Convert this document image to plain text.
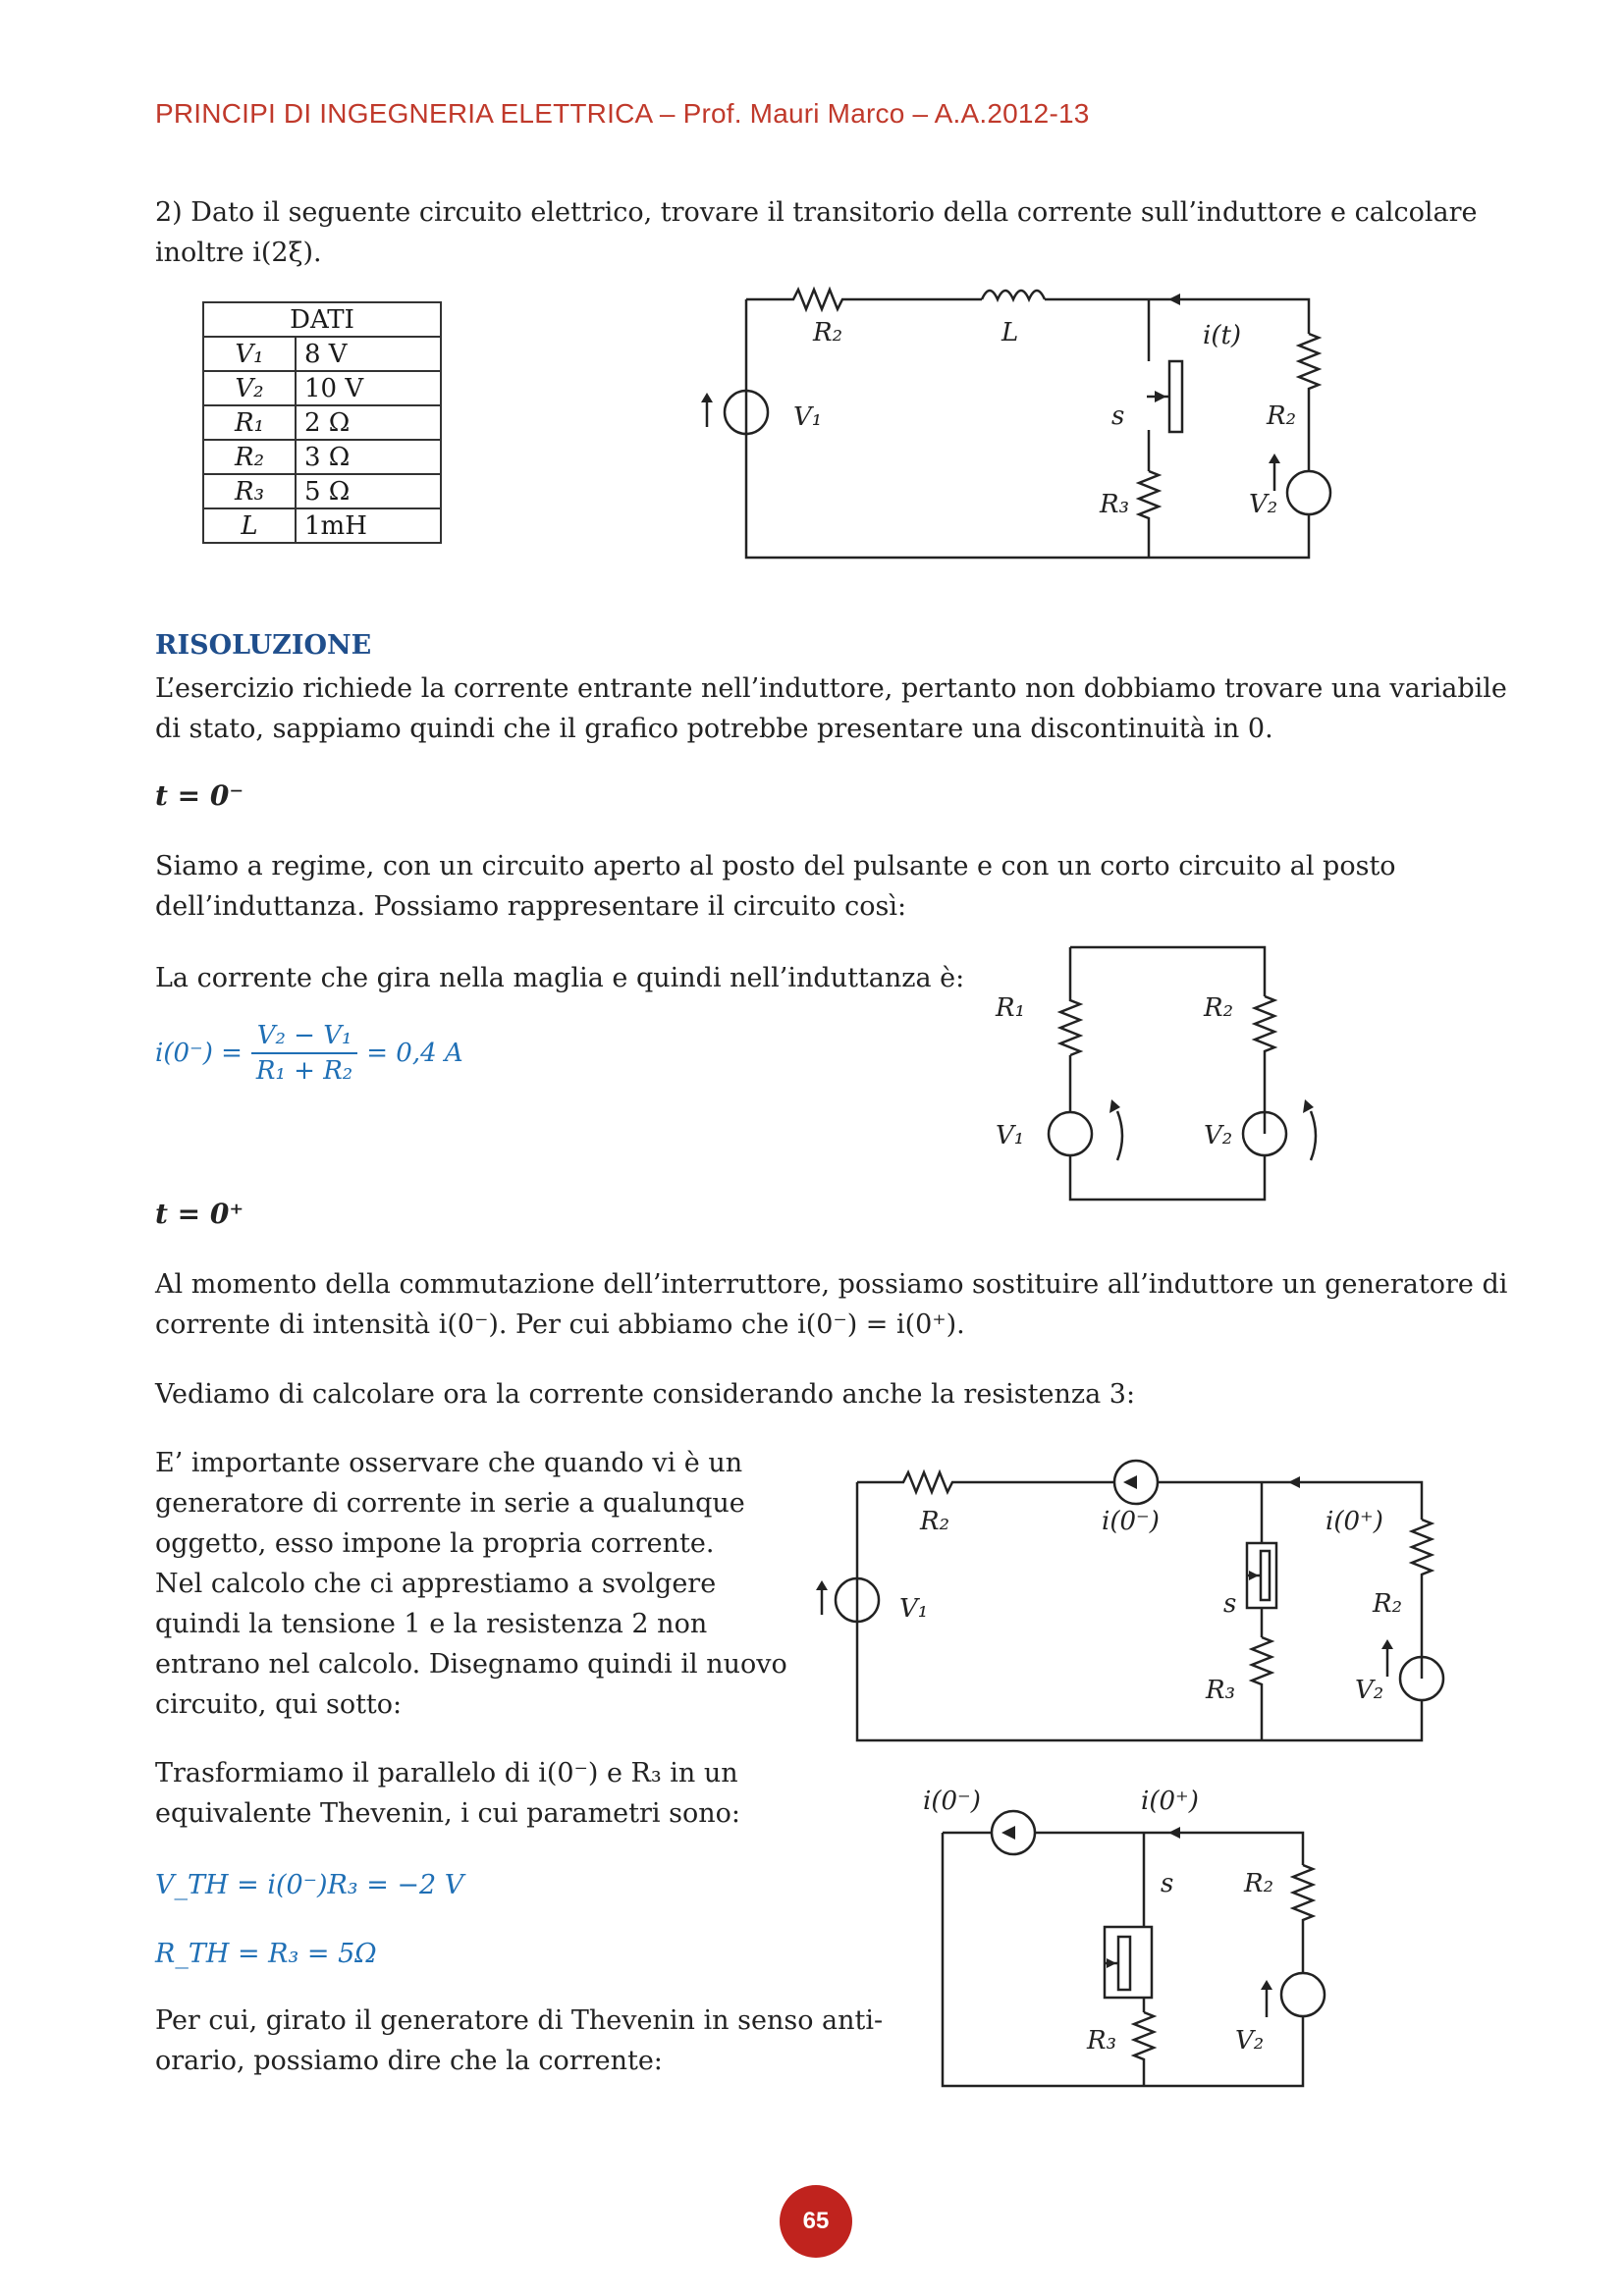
PRINCIPI DI INGEGNERIA ELETTRICA – Prof. Mauri Marco – A.A.2012-13
2) Dato il seguente circuito elettrico, trovare il transitorio della corrente sull’induttore e calcolare
inoltre i(2ξ).
DATI	
V₁	8 V
V₂	10 V
R₁	2 Ω
R₂	3 Ω
R₃	5 Ω
L	1mH
R₂	L	i(t)
s	R₂
V₁
R₃	V₂
RISOLUZIONE
L’esercizio richiede la corrente entrante nell’induttore, pertanto non dobbiamo trovare una variabile
di stato, sappiamo quindi che il grafico potrebbe presentare una discontinuità in 0.
t = 0⁻
Siamo a regime, con un circuito aperto al posto del pulsante e con un corto circuito al posto
dell’induttanza. Possiamo rappresentare il circuito così:
La corrente che gira nella maglia e quindi nell’induttanza è:
$i(0^-) = \frac{\text{V₂ − V₁}}{\text{R₁ + R₂}} = 0,4$ A
R₁	R₂
V₁	V₂
t = 0⁺
Al momento della commutazione dell’interruttore, possiamo sostituire all’induttore un generatore di
corrente di intensità i(0⁻). Per cui abbiamo che i(0⁻) = i(0⁺).
Vediamo di calcolare ora la corrente considerando anche la resistenza 3:
E’ importante osservare che quando vi è un
generatore di corrente in serie a qualunque
oggetto, esso impone la propria corrente.
Nel calcolo che ci apprestiamo a svolgere
quindi la tensione 1 e la resistenza 2 non
entrano nel calcolo. Disegnamo quindi il nuovo
circuito, qui sotto:
R₂	i(0⁻)	i(0⁺)
V₁	s	R₂
R₃	V₂
Trasformiamo il parallelo di i(0⁻) e R₃ in un
equivalente Thevenin, i cui parametri sono:
V_TH = i(0⁻)R₃ = −2 V
R_TH = R₃ = 5Ω
Per cui, girato il generatore di Thevenin in senso anti-
orario, possiamo dire che la corrente:
i(0⁻)	i(0⁺)
s	R₂
R₃	V₂
65
